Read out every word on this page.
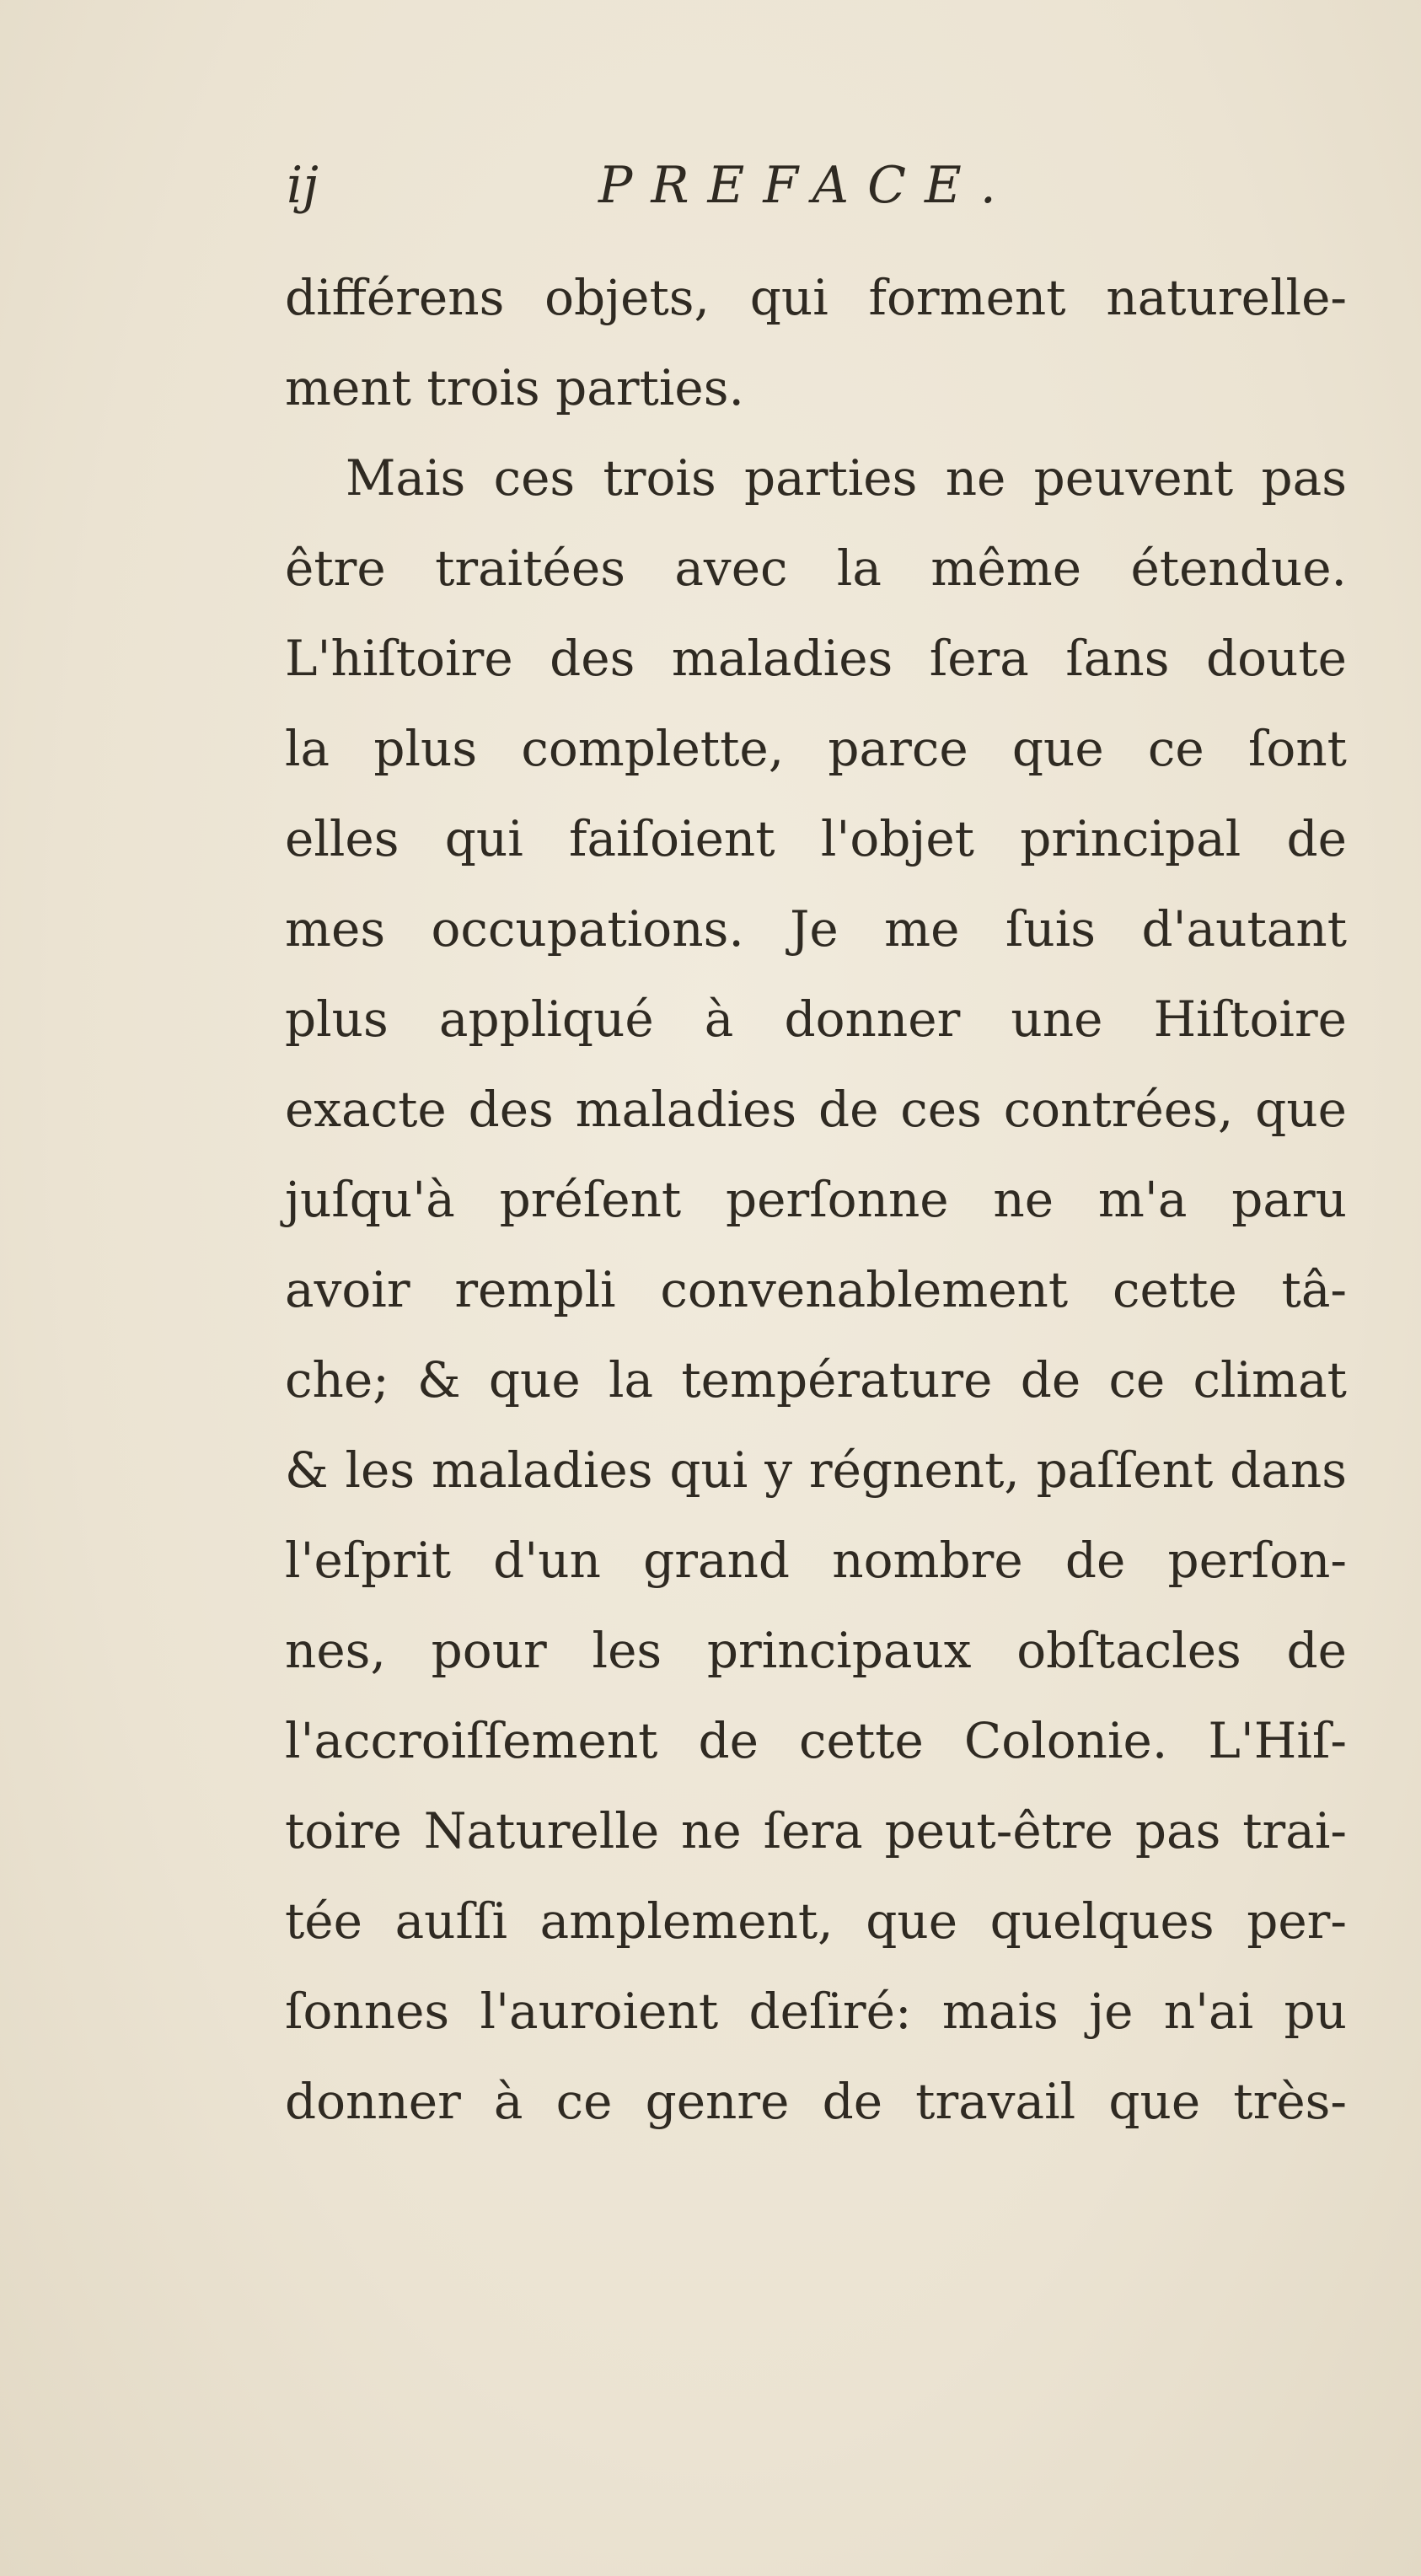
ij	PREFACE.
différens objets, qui forment naturelle-
ment trois parties.
Mais ces trois parties ne peuvent pas
être traitées avec la même étendue.
L'hiſtoire des maladies ſera ſans doute
la plus complette, parce que ce ſont
elles qui faiſoient l'objet principal de
mes occupations. Je me ſuis d'autant
plus appliqué à donner une Hiſtoire
exacte des maladies de ces contrées, que
juſqu'à préſent perſonne ne m'a paru
avoir rempli convenablement cette tâ-
che; & que la température de ce climat
& les maladies qui y régnent, paſſent dans
l'eſprit d'un grand nombre de perſon-
nes, pour les principaux obſtacles de
l'accroiſſement de cette Colonie. L'Hiſ-
toire Naturelle ne ſera peut-être pas trai-
tée auſſi amplement, que quelques per-
ſonnes l'auroient deſiré: mais je n'ai pu
donner à ce genre de travail que très-
